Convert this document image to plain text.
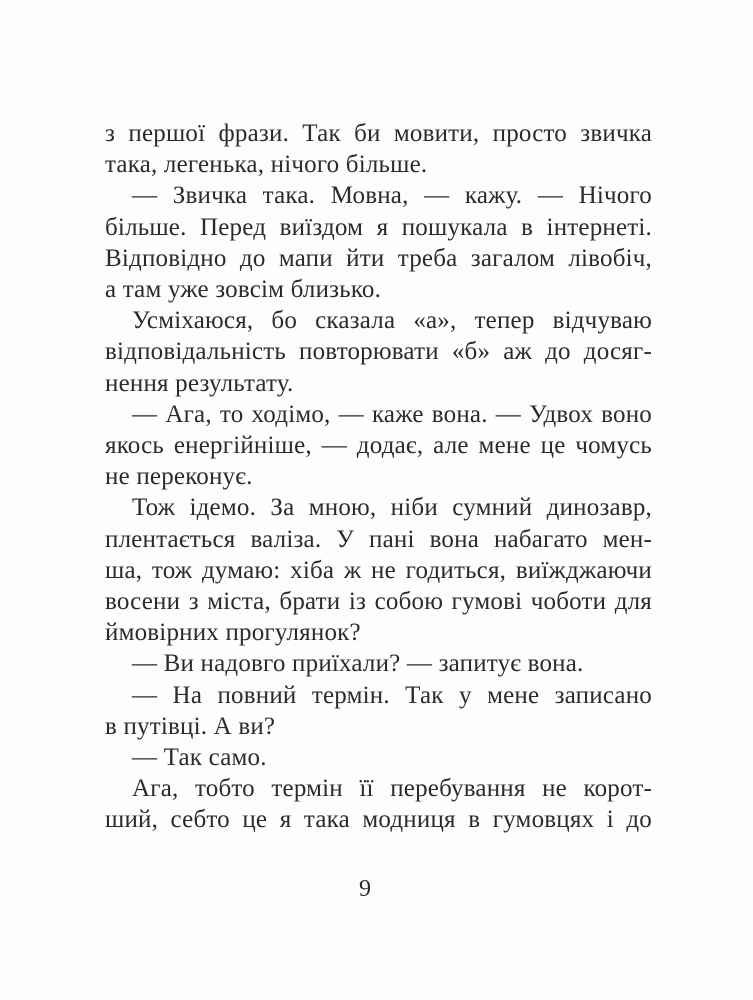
з першої фрази. Так би мовити, просто звичка
така, легенька, нічого більше.
— Звичка така. Мовна, — кажу. — Нічого
більше. Перед виїздом я пошукала в інтернеті.
Відповідно до мапи йти треба загалом лівобіч,
а там уже зовсім близько.
Усміхаюся, бо сказала «а», тепер відчуваю
відповідальність повторювати «б» аж до досяг-
нення результату.
— Ага, то ходімо, — каже вона. — Удвох воно
якось енергійніше, — додає, але мене це чомусь
не переконує.
Тож ідемо. За мною, ніби сумний динозавр,
плентається валіза. У пані вона набагато мен-
ша, тож думаю: хіба ж не годиться, виїжджаючи
восени з міста, брати із собою гумові чоботи для
ймовірних прогулянок?
— Ви надовго приїхали? — запитує вона.
— На повний термін. Так у мене записано
в путівці. А ви?
— Так само.
Ага, тобто термін її перебування не корот-
ший, себто це я така модниця в гумовцях і до
9
